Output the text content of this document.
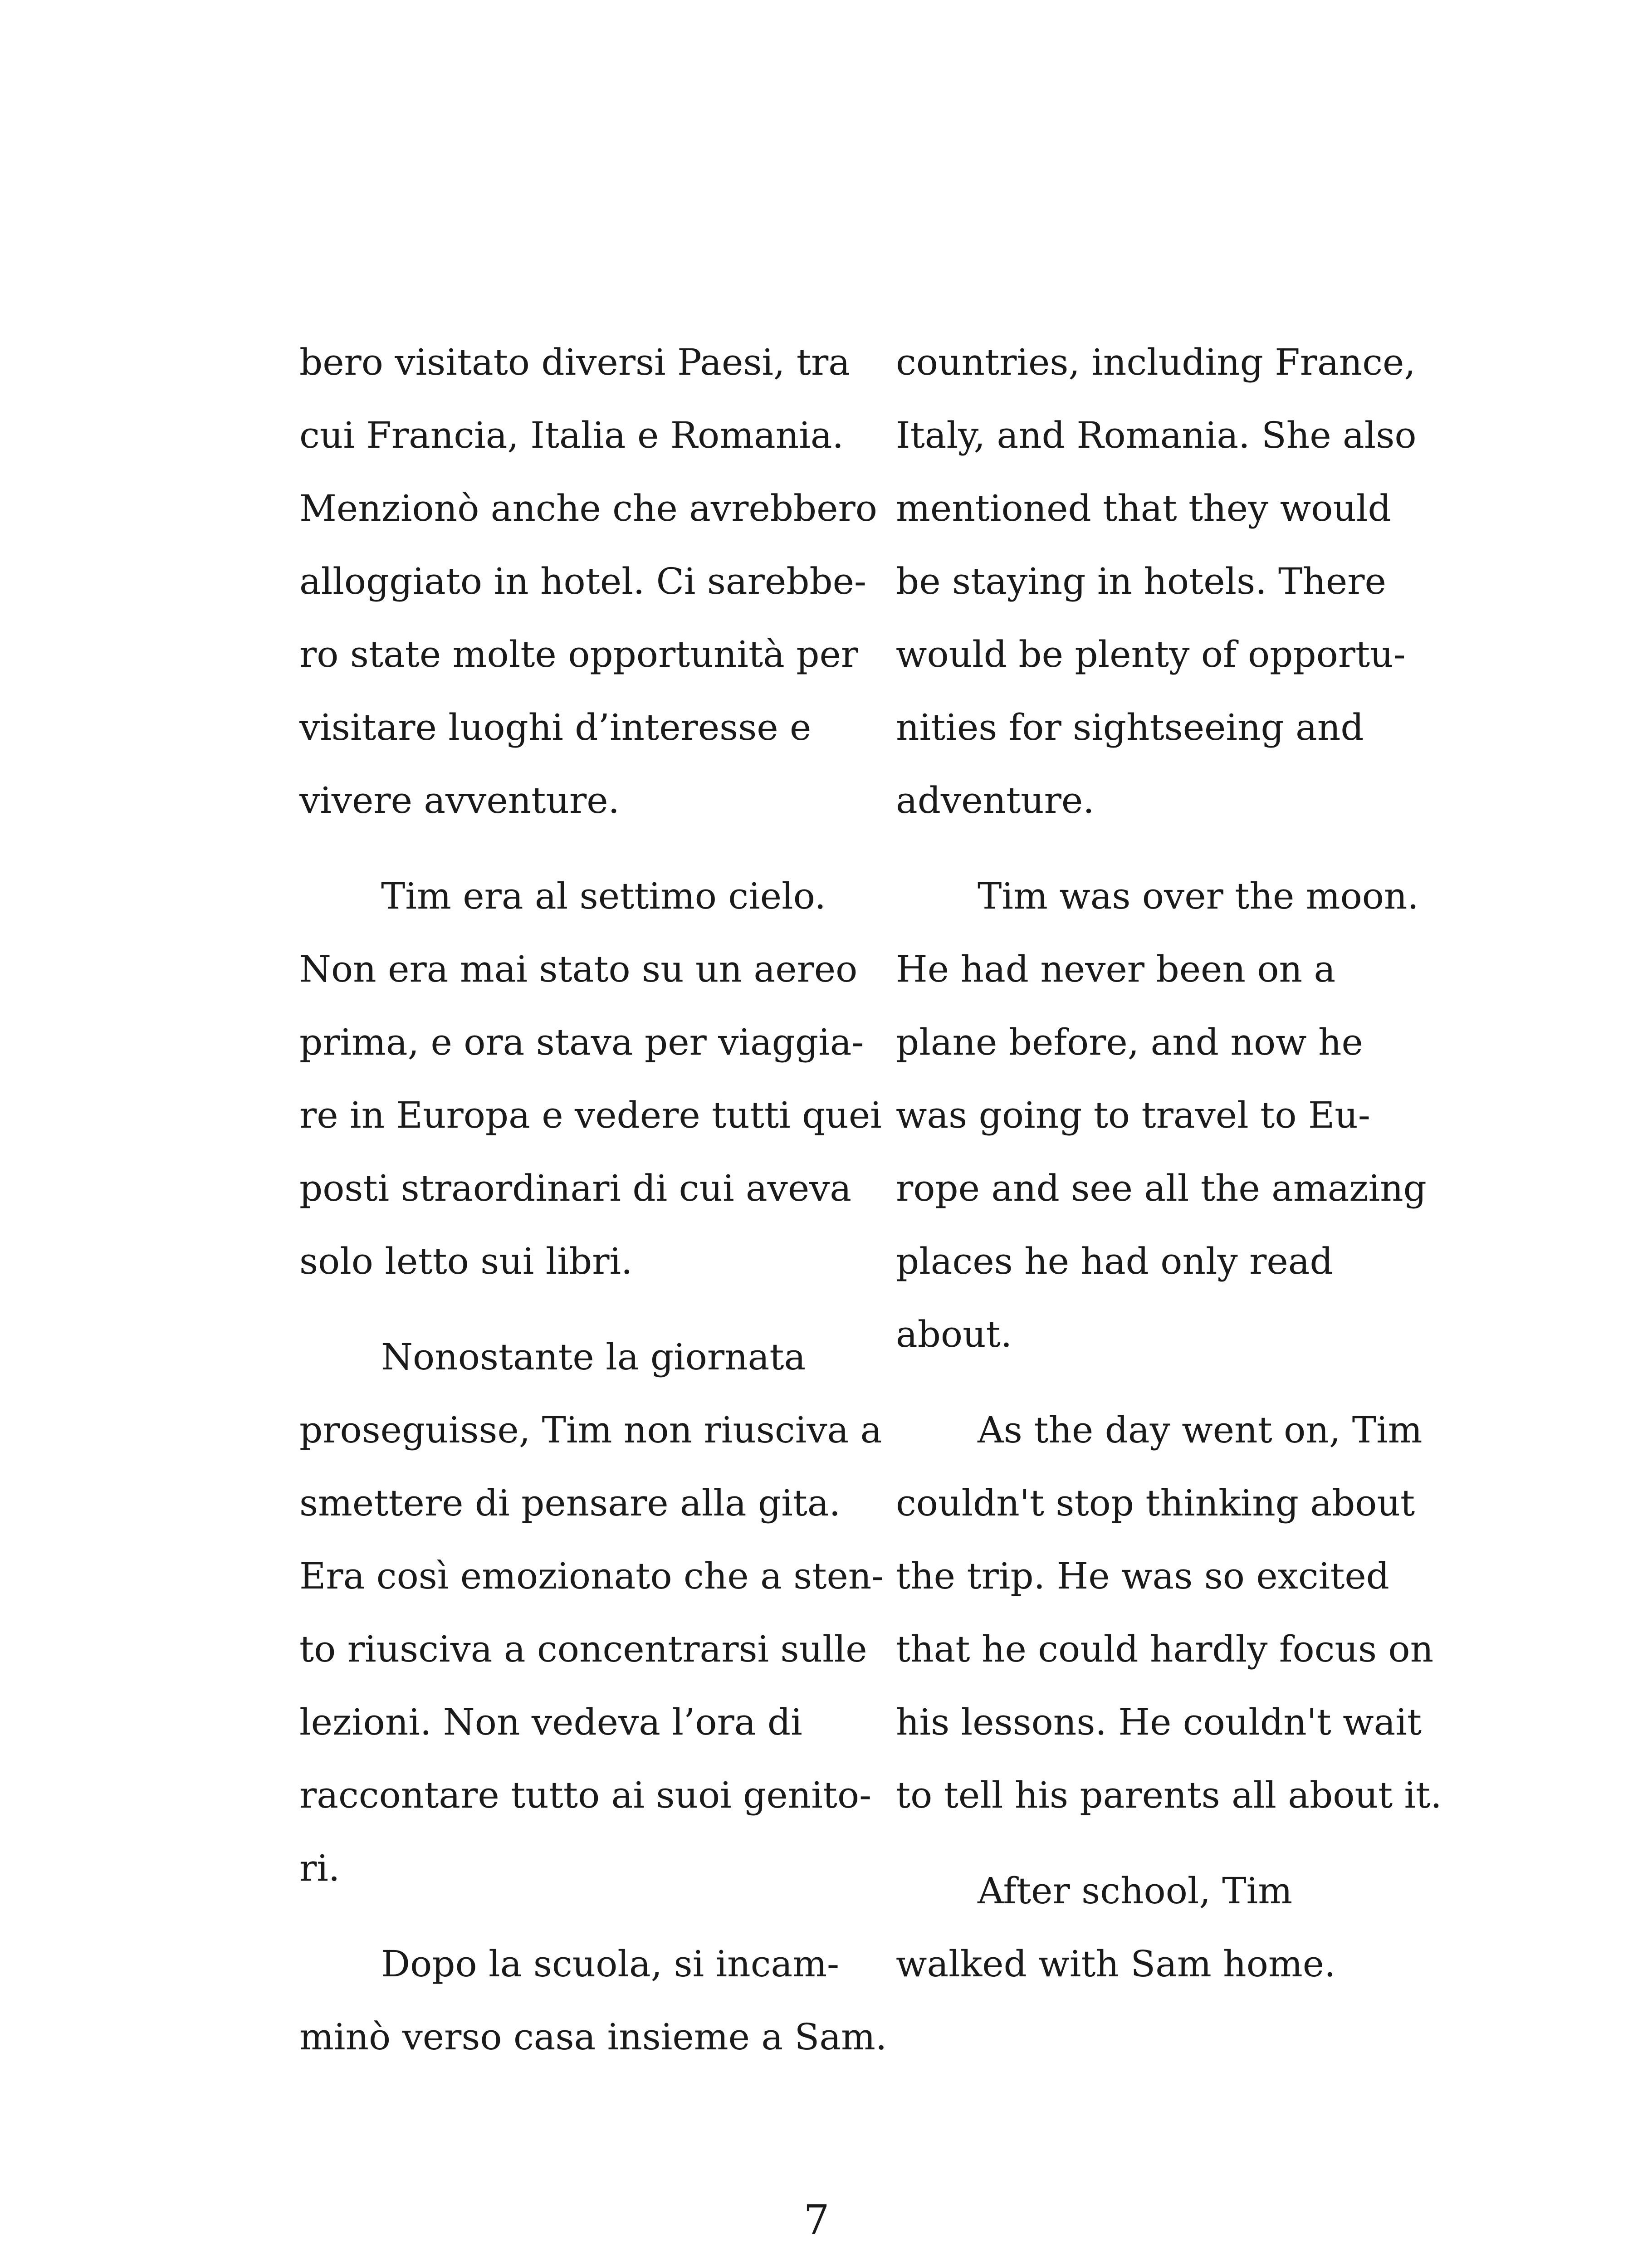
bero visitato diversi Paesi, tra
cui Francia, Italia e Romania.
Menzionò anche che avrebbero
alloggiato in hotel. Ci sarebbe-
ro state molte opportunità per
visitare luoghi d’interesse e
vivere avventure.
Tim era al settimo cielo.
Non era mai stato su un aereo
prima, e ora stava per viaggia-
re in Europa e vedere tutti quei
posti straordinari di cui aveva
solo letto sui libri.
Nonostante la giornata
proseguisse, Tim non riusciva a
smettere di pensare alla gita.
Era così emozionato che a sten-
to riusciva a concentrarsi sulle
lezioni. Non vedeva l’ora di
raccontare tutto ai suoi genito-
ri.
Dopo la scuola, si incam-
minò verso casa insieme a Sam.
countries, including France,
Italy, and Romania. She also
mentioned that they would
be staying in hotels. There
would be plenty of opportu-
nities for sightseeing and
adventure.
Tim was over the moon.
He had never been on a
plane before, and now he
was going to travel to Eu-
rope and see all the amazing
places he had only read
about.
As the day went on, Tim
couldn't stop thinking about
the trip. He was so excited
that he could hardly focus on
his lessons. He couldn't wait
to tell his parents all about it.
After school, Tim
walked with Sam home.
7
